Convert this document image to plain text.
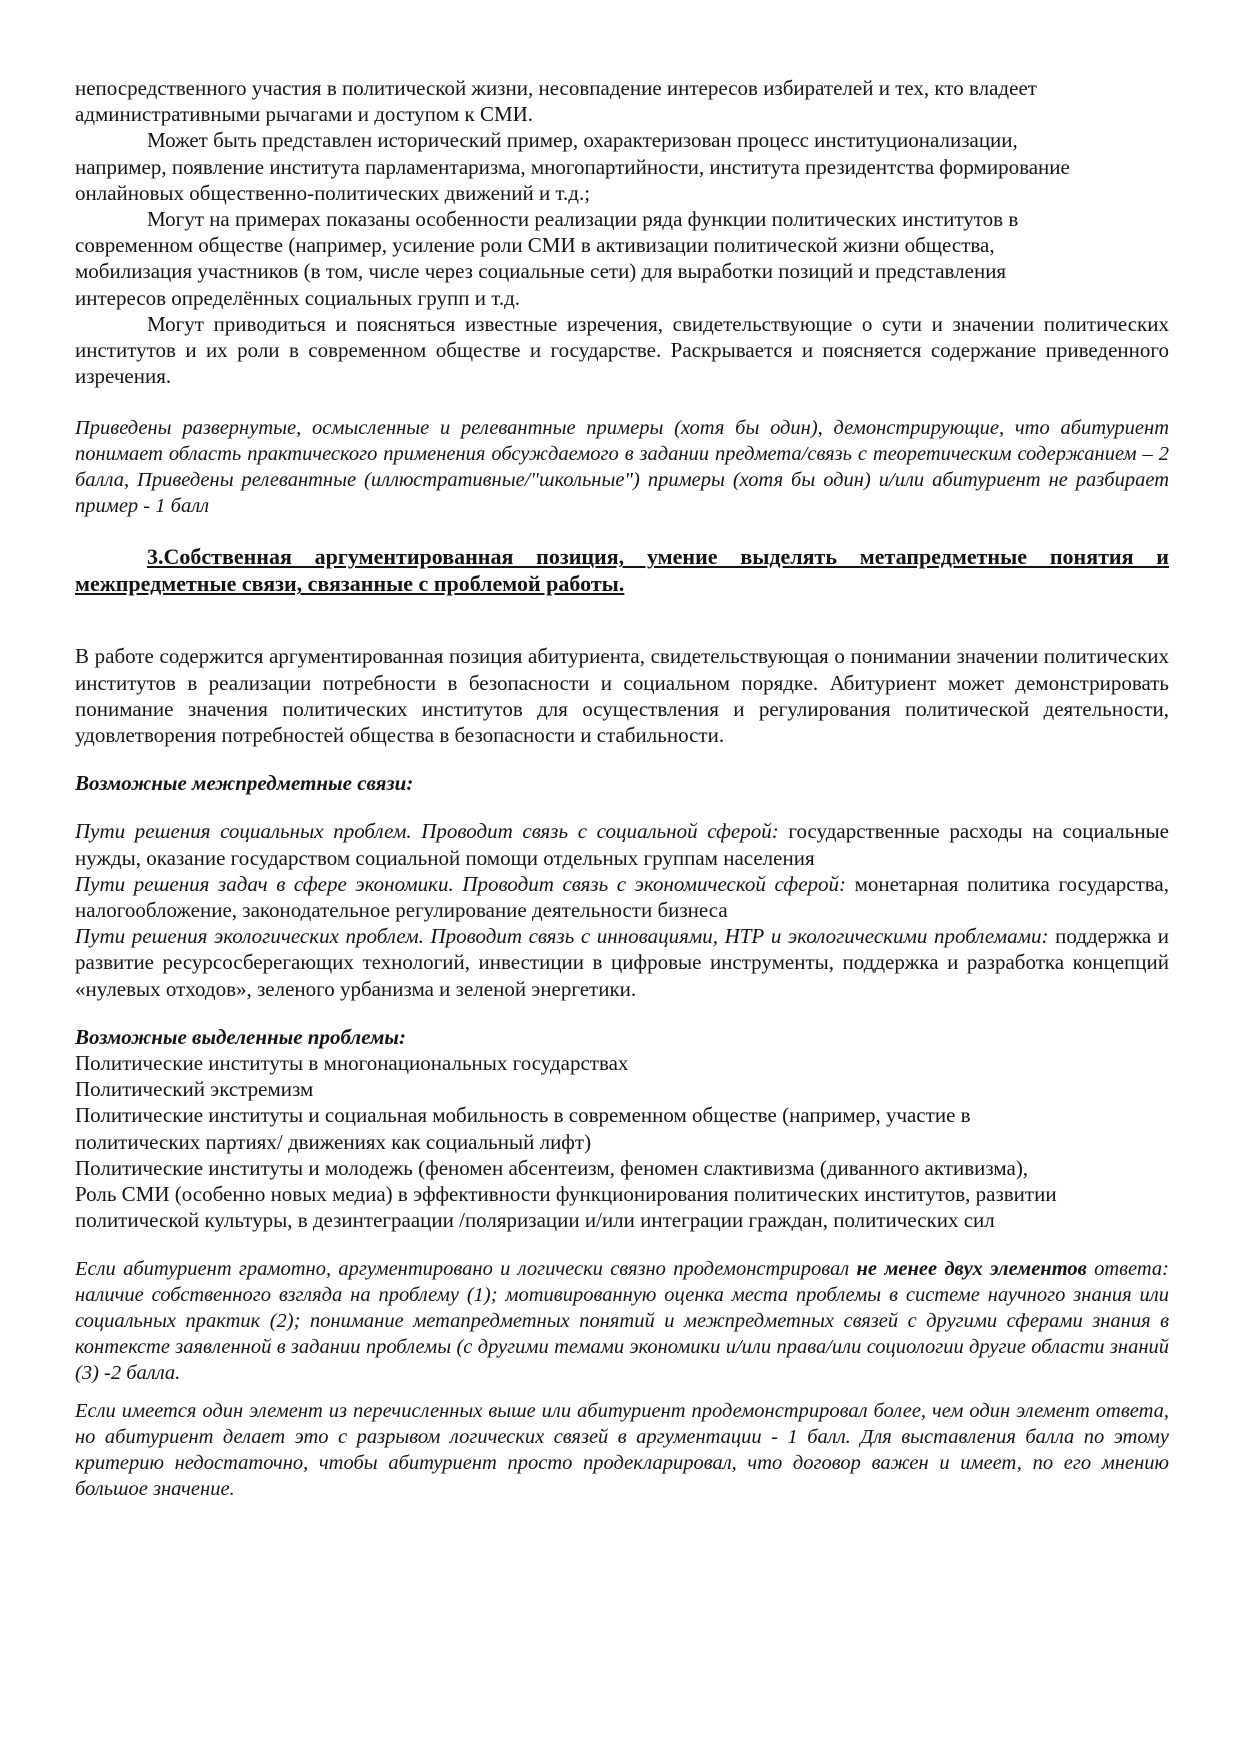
непосредственного участия в политической жизни, несовпадение интересов избирателей и тех, кто владеет
административными рычагами и доступом к СМИ.

Может быть представлен исторический пример, охарактеризован процесс институционализации,
например, появление института парламентаризма, многопартийности, института президентства формирование
онлайновых общественно-политических движений и т.д.;

Могут на примерах показаны особенности реализации ряда функции политических институтов в
современном обществе (например, усиление роли СМИ в активизации политической жизни общества,
мобилизация участников (в том, числе через социальные сети) для выработки позиций и представления
интересов определённых социальных групп и т.д.

Могут приводиться и поясняться известные изречения, свидетельствующие о сути и значении политических институтов и их роли в современном обществе и государстве. Раскрывается и поясняется содержание приведенного изречения.

Приведены развернутые, осмысленные и релевантные примеры (хотя бы один), демонстрирующие, что абитуриент понимает область практического применения обсуждаемого в задании предмета/связь с теоретическим содержанием – 2 балла, Приведены релевантные (иллюстративные/"школьные") примеры (хотя бы один) и/или абитуриент не разбирает пример - 1 балл

3.Собственная аргументированная позиция, умение выделять метапредметные понятия и межпредметные связи, связанные с проблемой работы.

В работе содержится аргументированная позиция абитуриента, свидетельствующая о понимании значении политических институтов в реализации потребности в безопасности и социальном порядке. Абитуриент может демонстрировать понимание значения политических институтов для осуществления и регулирования политической деятельности, удовлетворения потребностей общества в безопасности и стабильности.

Возможные межпредметные связи:

Пути решения социальных проблем. Проводит связь с социальной сферой: государственные расходы на социальные нужды, оказание государством социальной помощи отдельных группам населения

Пути решения задач в сфере экономики. Проводит связь с экономической сферой: монетарная политика государства, налогообложение, законодательное регулирование деятельности бизнеса

Пути решения экологических проблем. Проводит связь с инновациями, НТР и экологическими проблемами: поддержка и развитие ресурсосберегающих технологий, инвестиции в цифровые инструменты, поддержка и разработка концепций «нулевых отходов», зеленого урбанизма и зеленой энергетики.

Возможные выделенные проблемы:

Политические институты в многонациональных государствах

Политический экстремизм

Политические институты и социальная мобильность в современном обществе (например, участие в

политических партиях/ движениях как социальный лифт)

Политические институты и молодежь (феномен абсентеизм, феномен слактивизма (диванного активизма),

Роль СМИ (особенно новых медиа) в эффективности функционирования политических институтов, развитии

политической культуры, в дезинтеграации /поляризации и/или интеграции граждан, политических сил

Если абитуриент грамотно, аргументировано и логически связно продемонстрировал не менее двух элементов ответа: наличие собственного взгляда на проблему (1); мотивированную оценка места проблемы в системе научного знания или социальных практик (2); понимание метапредметных понятий и межпредметных связей с другими сферами знания в контексте заявленной в задании проблемы (с другими темами экономики и/или права/или социологии другие области знаний (3) -2 балла.

Если имеется один элемент из перечисленных выше или абитуриент продемонстрировал более, чем один элемент ответа, но абитуриент делает это с разрывом логических связей в аргументации - 1 балл. Для выставления балла по этому критерию недостаточно, чтобы абитуриент просто продекларировал, что договор важен и имеет, по его мнению большое значение.
